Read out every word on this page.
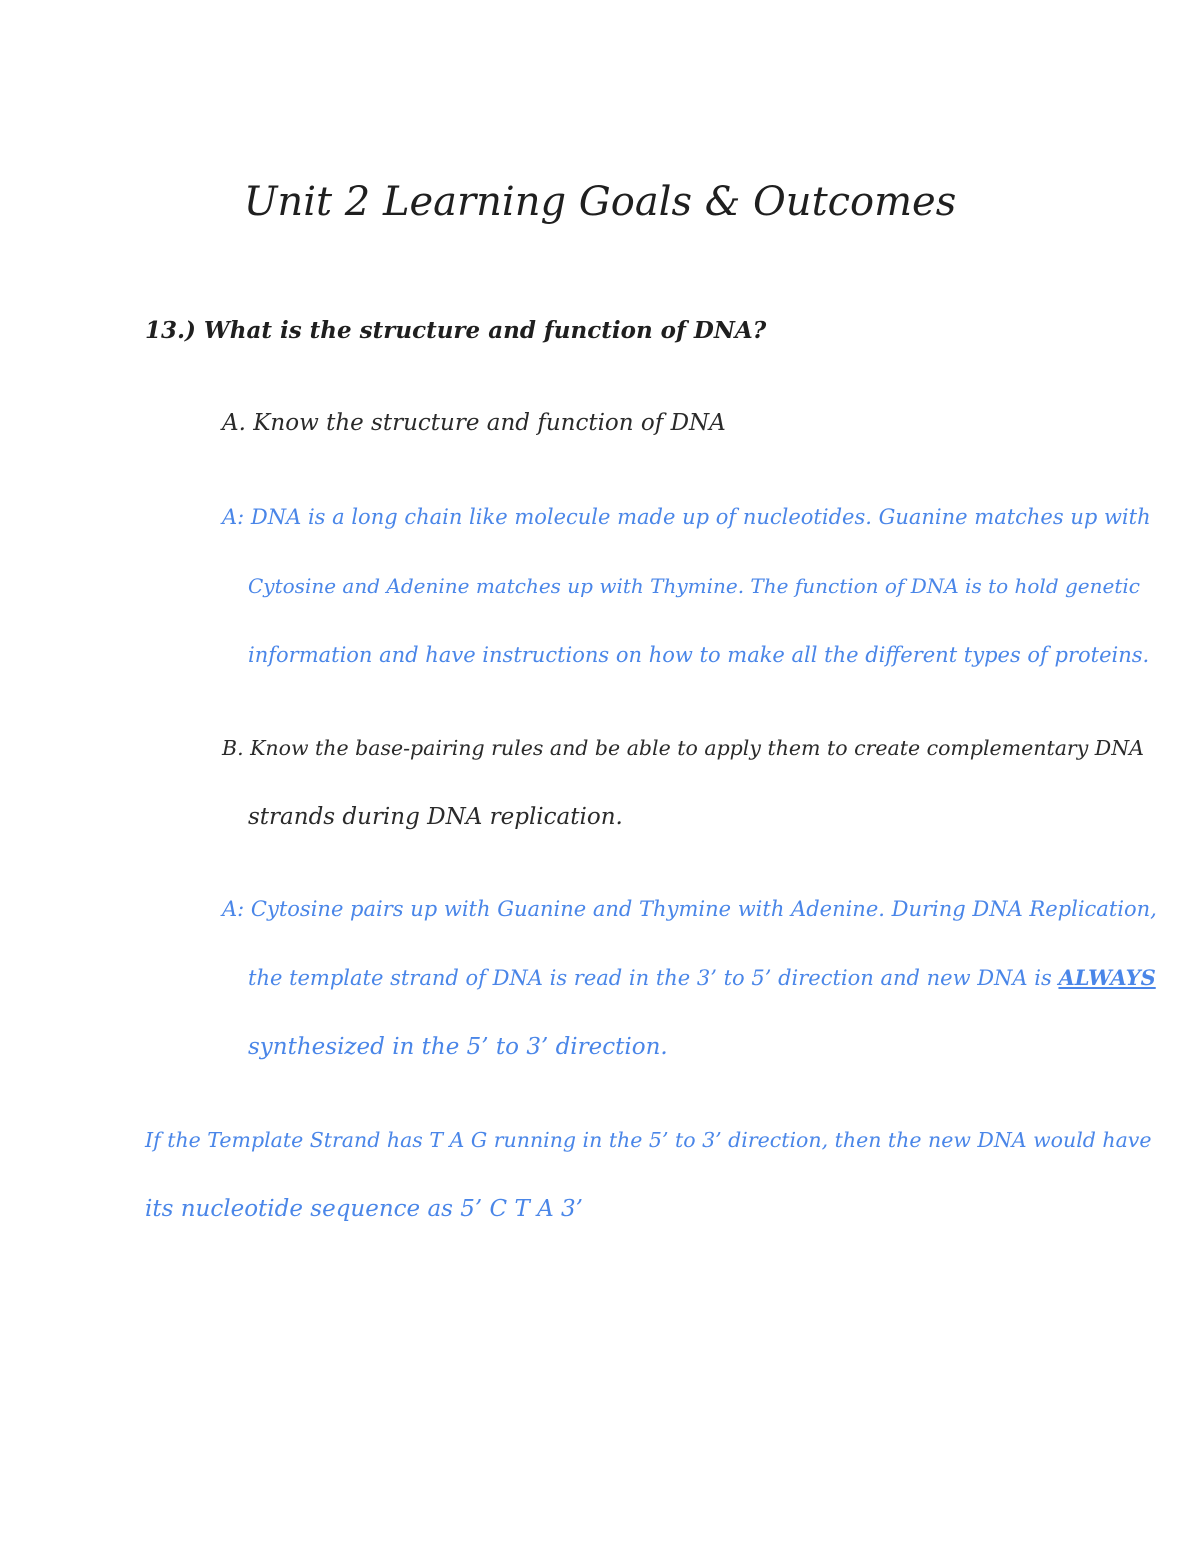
Unit 2 Learning Goals & Outcomes
13.) What is the structure and function of DNA?
A. Know the structure and function of DNA
A: DNA is a long chain like molecule made up of nucleotides. Guanine matches up with
Cytosine and Adenine matches up with Thymine. The function of DNA is to hold genetic
information and have instructions on how to make all the different types of proteins.
B. Know the base-pairing rules and be able to apply them to create complementary DNA
strands during DNA replication.
A: Cytosine pairs up with Guanine and Thymine with Adenine. During DNA Replication,
the template strand of DNA is read in the 3’ to 5’ direction and new DNA is ALWAYS
synthesized in the 5’ to 3’ direction.
If the Template Strand has T A G running in the 5’ to 3’ direction, then the new DNA would have
its nucleotide sequence as 5’ C T A 3’
